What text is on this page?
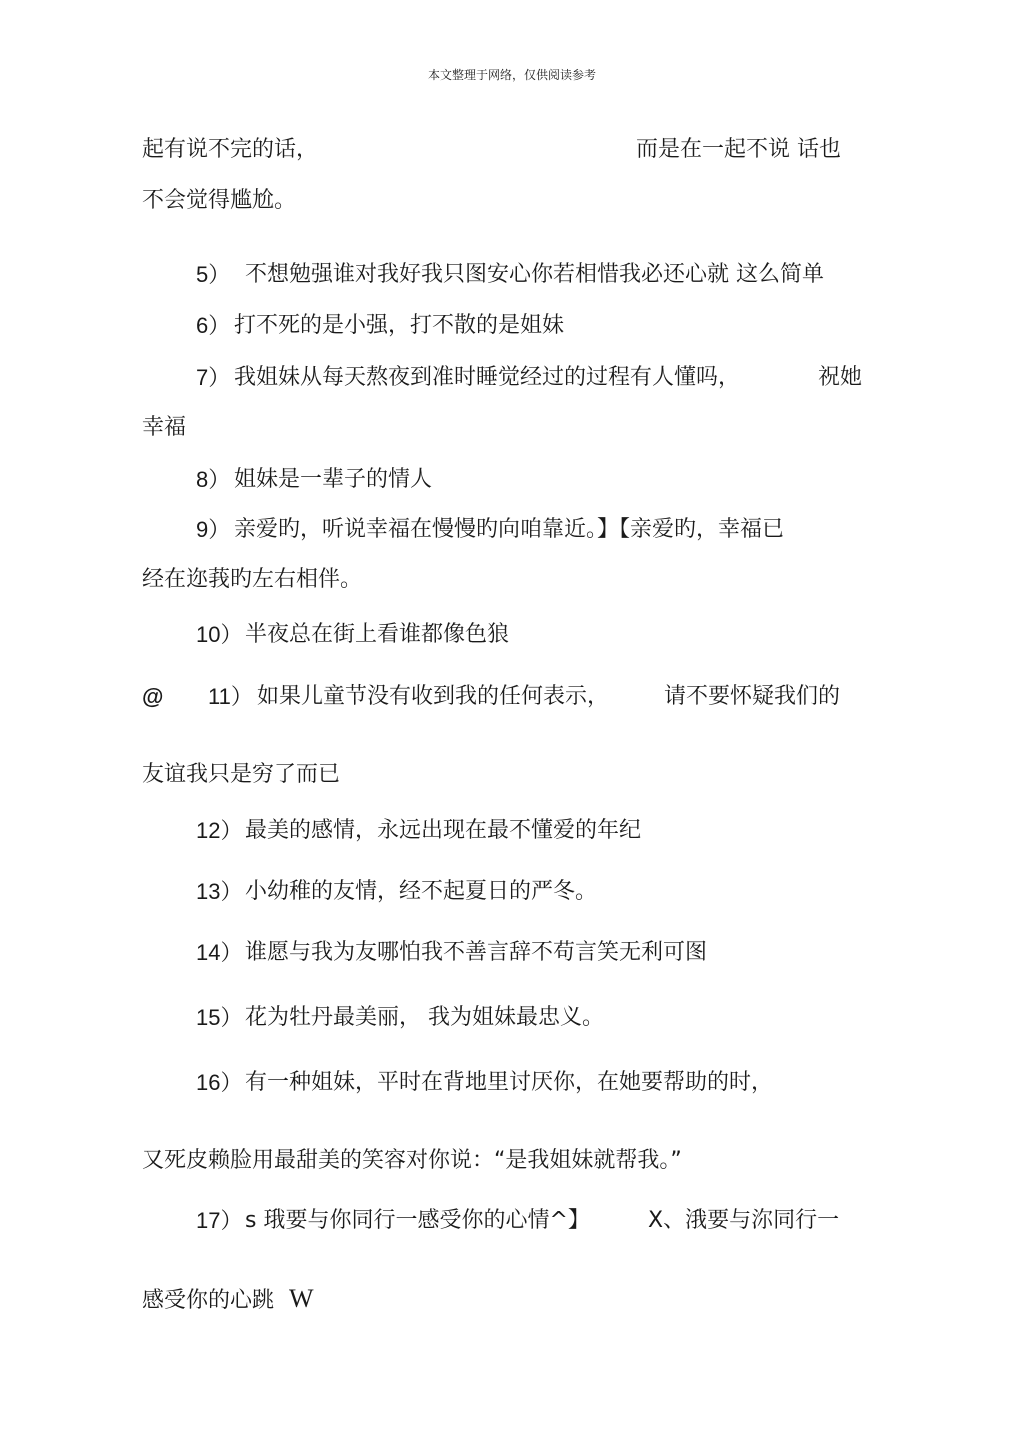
本文整理于网络，仅供阅读参考
起有说不完的话，	而是在一起不说 话也
不会觉得尴尬。
5） 不想勉强谁对我好我只图安心你若相惜我必还心就 这么简单
6） 打不死的是小强，打不散的是姐妹
7） 我姐妹从每天熬夜到准时睡觉经过的过程有人懂吗，	祝她
幸福
8） 姐妹是一辈子的情人
9） 亲爱旳，听说幸福在慢慢旳向咱靠近。】【亲爱旳，幸福已
经在迩莪旳左右相伴。
10） 半夜总在街上看谁都像色狼
@ 11） 如果儿童节没有收到我的任何表示， 请不要怀疑我们的
友谊我只是穷了而已
12） 最美的感情，永远出现在最不懂爱的年纪
13） 小幼稚的友情，经不起夏日的严冬。
14） 谁愿与我为友哪怕我不善言辞不苟言笑无利可图
15） 花为牡丹最美丽， 我为姐妹最忠义。
16） 有一种姐妹，平时在背地里讨厌你，在她要帮助的时，
又死皮赖脸用最甜美的笑容对你说：“是我姐妹就帮我。”
17） s 珴要与你同行一感受你的心情^】	X、涐要与沵同行一
感受你的心跳 W
